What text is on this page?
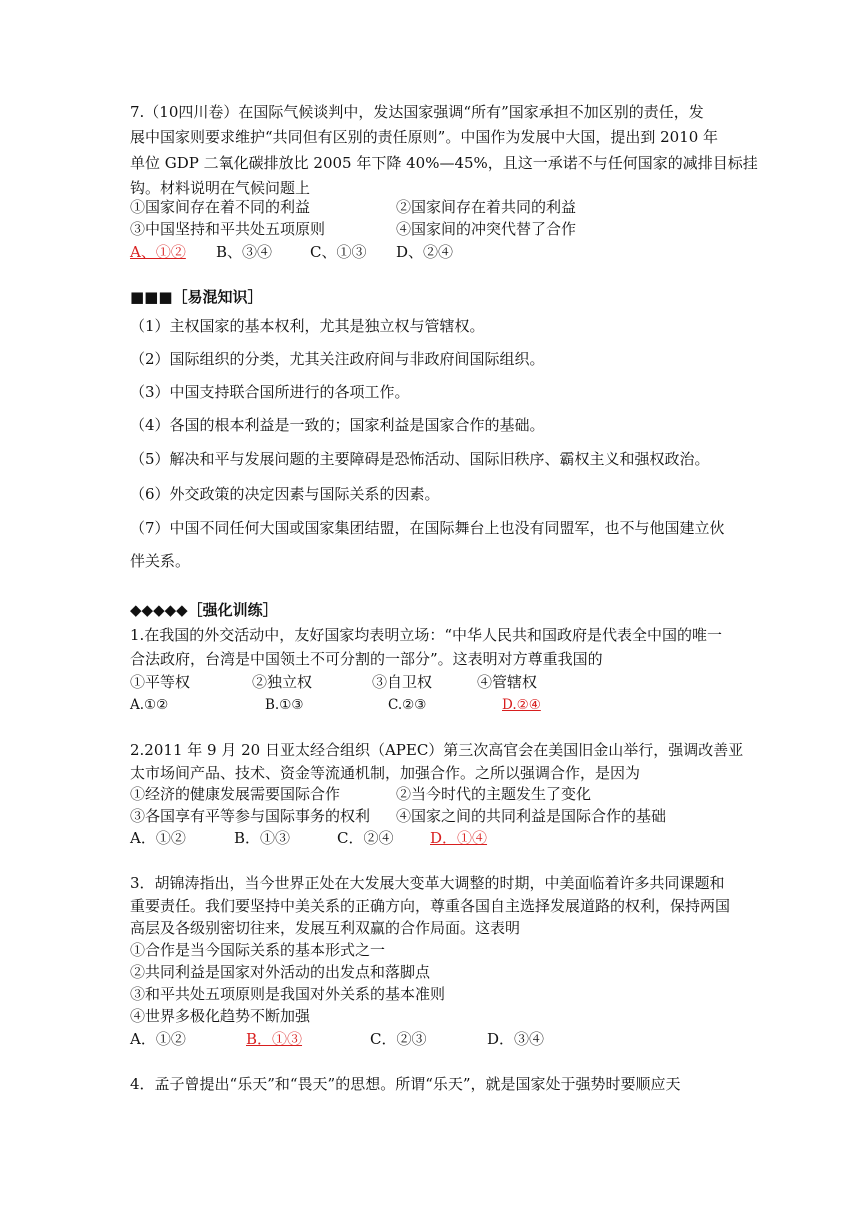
7.（10四川卷）在国际气候谈判中，发达国家强调“所有”国家承担不加区别的责任，发
展中国家则要求维护“共同但有区别的责任原则”。中国作为发展中大国，提出到 2010 年
单位 GDP 二氧化碳排放比 2005 年下降 40%—45%，且这一承诺不与任何国家的减排目标挂
钩。材料说明在气候问题上
①国家间存在着不同的利益	②国家间存在着共同的利益
③中国坚持和平共处五项原则	④国家间的冲突代替了合作
A、①② B、③④	C、①③ D、②④
■■■［易混知识］
（1）主权国家的基本权利，尤其是独立权与管辖权。
（2）国际组织的分类，尤其关注政府间与非政府间国际组织。
（3）中国支持联合国所进行的各项工作。
（4）各国的根本利益是一致的；国家利益是国家合作的基础。
（5）解决和平与发展问题的主要障碍是恐怖活动、国际旧秩序、霸权主义和强权政治。
（6）外交政策的决定因素与国际关系的因素。
（7）中国不同任何大国或国家集团结盟，在国际舞台上也没有同盟军，也不与他国建立伙
伴关系。
◆◆◆◆◆［强化训练］
1.在我国的外交活动中，友好国家均表明立场：“中华人民共和国政府是代表全中国的唯一
合法政府，台湾是中国领土不可分割的一部分”。这表明对方尊重我国的
①平等权	②独立权	③自卫权	④管辖权
A.①②	B.①③	C.②③	D.②④
2.2011 年 9 月 20 日亚太经合组织（APEC）第三次高官会在美国旧金山举行，强调改善亚
太市场间产品、技术、资金等流通机制，加强合作。之所以强调合作，是因为
①经济的健康发展需要国际合作	②当今时代的主题发生了变化
③各国享有平等参与国际事务的权利 ④国家之间的共同利益是国际合作的基础
A．①②	B．①③	C．②④ D．①④
3．胡锦涛指出，当今世界正处在大发展大变革大调整的时期，中美面临着许多共同课题和
重要责任。我们要坚持中美关系的正确方向，尊重各国自主选择发展道路的权利，保持两国
高层及各级别密切往来，发展互利双赢的合作局面。这表明
①合作是当今国际关系的基本形式之一
②共同利益是国家对外活动的出发点和落脚点
③和平共处五项原则是我国对外关系的基本准则
④世界多极化趋势不断加强
A．①②	B．①③	C．②③	D．③④
4．孟子曾提出“乐天”和“畏天”的思想。所谓“乐天”，就是国家处于强势时要顺应天
